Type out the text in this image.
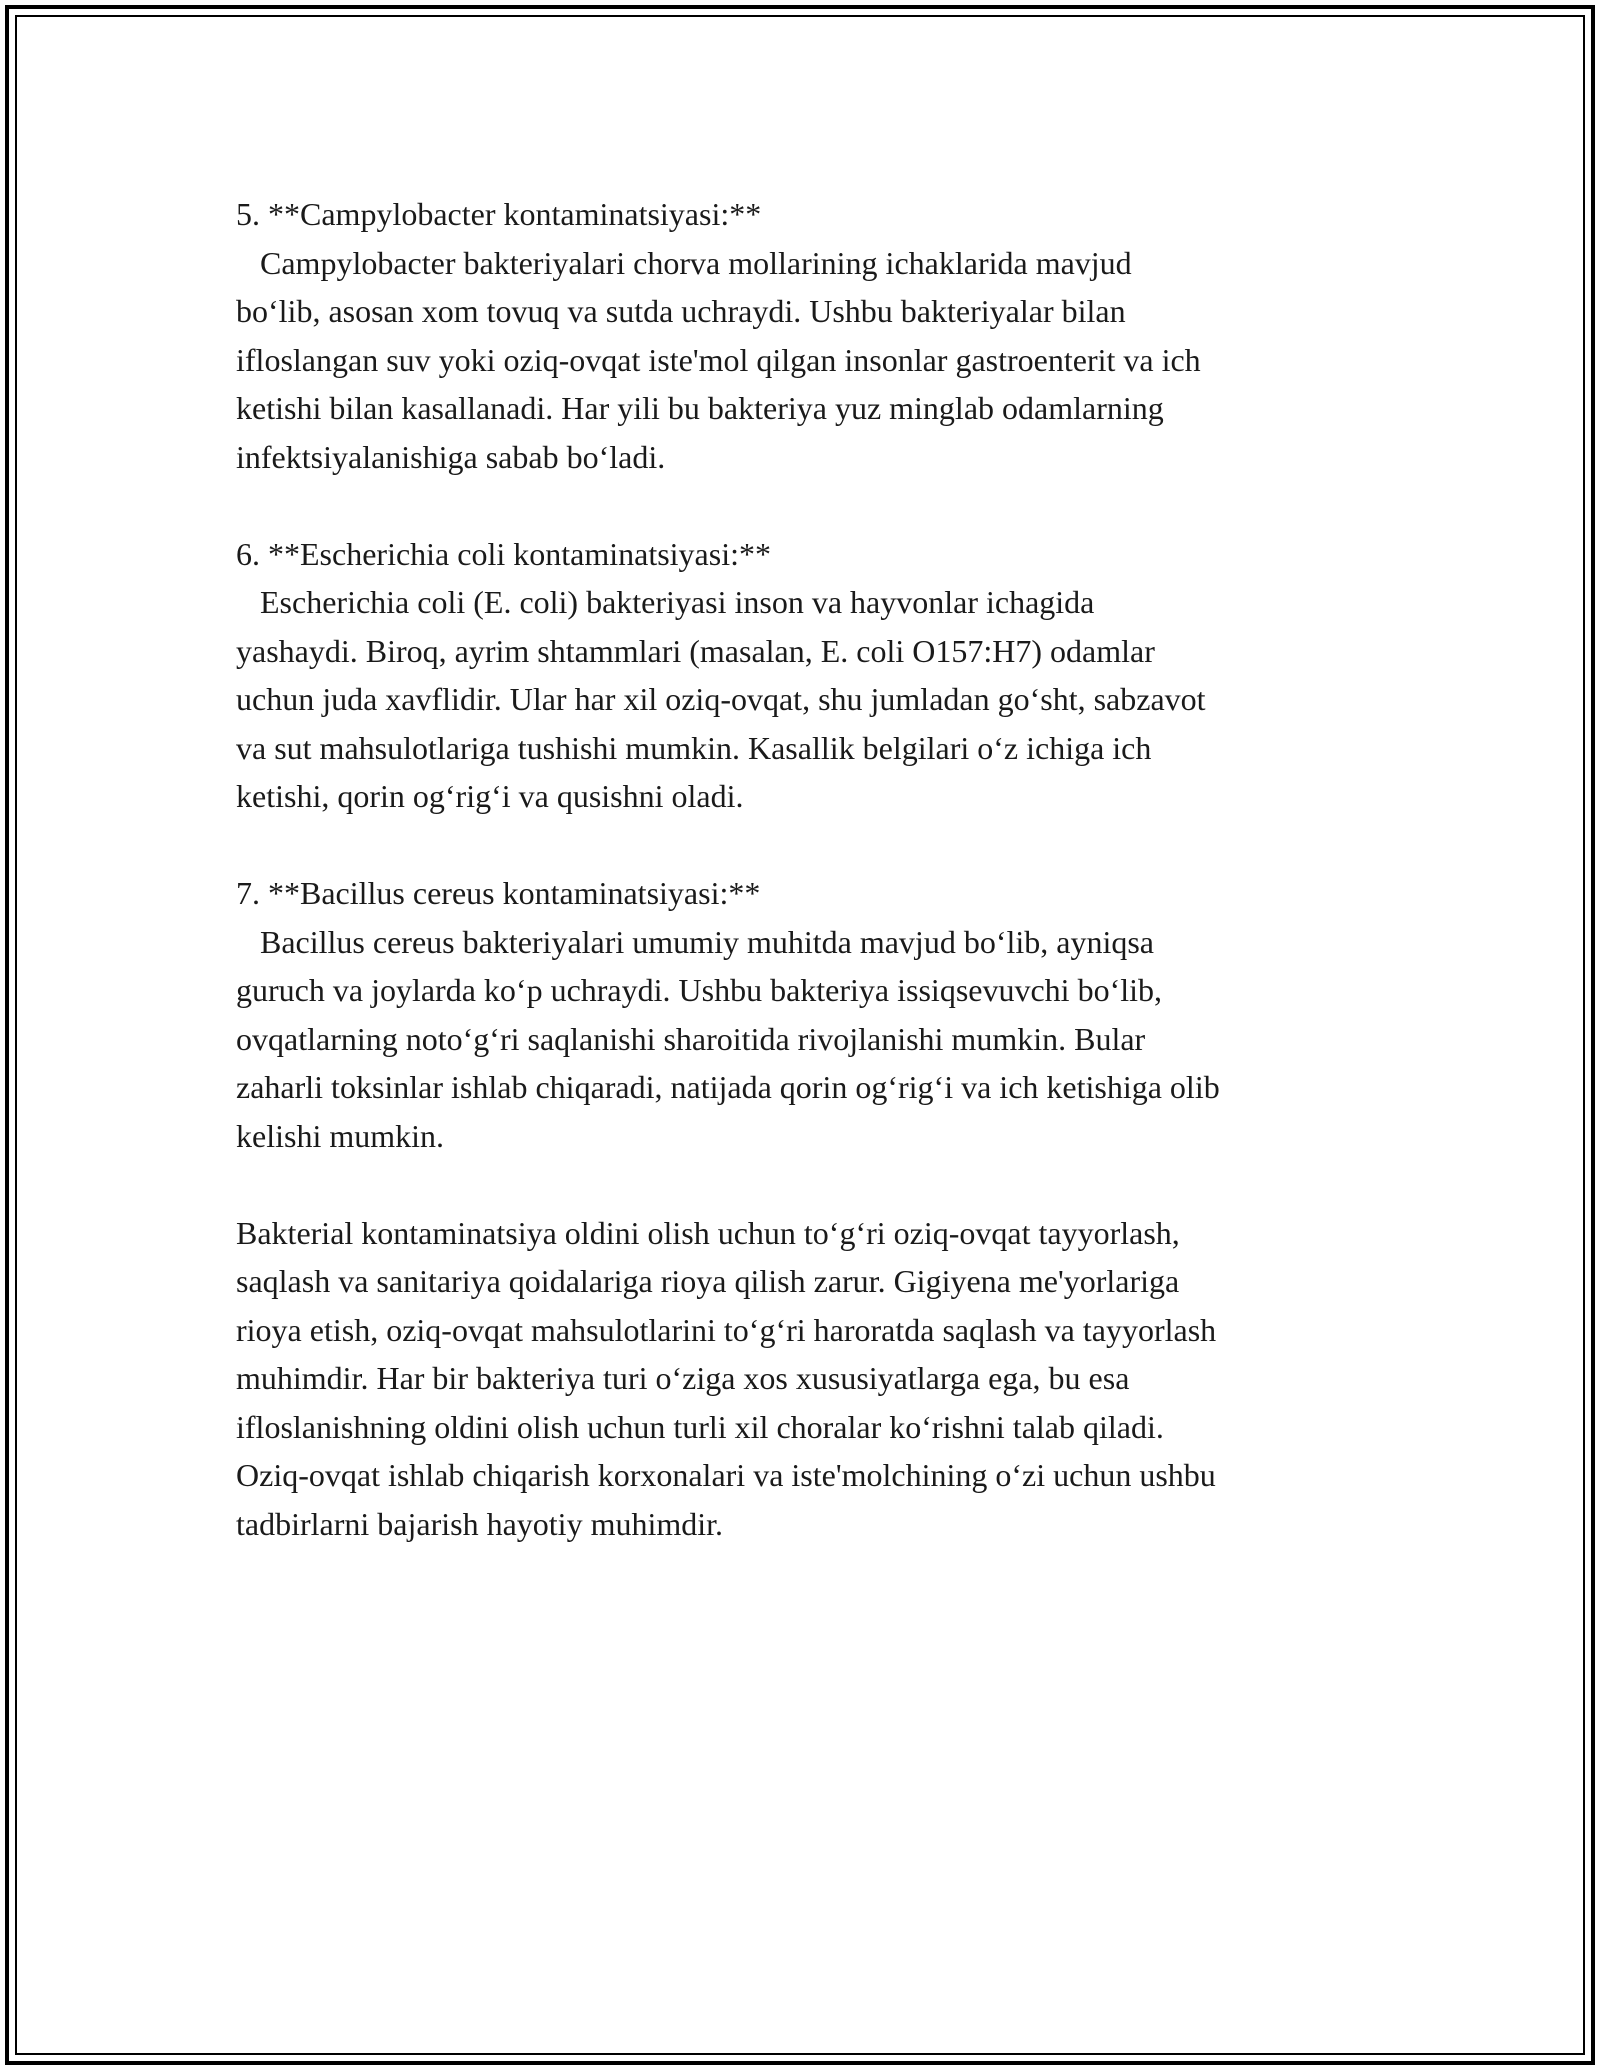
5. **Campylobacter kontaminatsiyasi:**
Campylobacter bakteriyalari chorva mollarining ichaklarida mavjud
bo‘lib, asosan xom tovuq va sutda uchraydi. Ushbu bakteriyalar bilan
ifloslangan suv yoki oziq-ovqat iste'mol qilgan insonlar gastroenterit va ich
ketishi bilan kasallanadi. Har yili bu bakteriya yuz minglab odamlarning
infektsiyalanishiga sabab bo‘ladi.
6. **Escherichia coli kontaminatsiyasi:**
Escherichia coli (E. coli) bakteriyasi inson va hayvonlar ichagida
yashaydi. Biroq, ayrim shtammlari (masalan, E. coli O157:H7) odamlar
uchun juda xavflidir. Ular har xil oziq-ovqat, shu jumladan go‘sht, sabzavot
va sut mahsulotlariga tushishi mumkin. Kasallik belgilari o‘z ichiga ich
ketishi, qorin og‘rig‘i va qusishni oladi.
7. **Bacillus cereus kontaminatsiyasi:**
Bacillus cereus bakteriyalari umumiy muhitda mavjud bo‘lib, ayniqsa
guruch va joylarda ko‘p uchraydi. Ushbu bakteriya issiqsevuvchi bo‘lib,
ovqatlarning noto‘g‘ri saqlanishi sharoitida rivojlanishi mumkin. Bular
zaharli toksinlar ishlab chiqaradi, natijada qorin og‘rig‘i va ich ketishiga olib
kelishi mumkin.
Bakterial kontaminatsiya oldini olish uchun to‘g‘ri oziq-ovqat tayyorlash,
saqlash va sanitariya qoidalariga rioya qilish zarur. Gigiyena me'yorlariga
rioya etish, oziq-ovqat mahsulotlarini to‘g‘ri haroratda saqlash va tayyorlash
muhimdir. Har bir bakteriya turi o‘ziga xos xususiyatlarga ega, bu esa
ifloslanishning oldini olish uchun turli xil choralar ko‘rishni talab qiladi.
Oziq-ovqat ishlab chiqarish korxonalari va iste'molchining o‘zi uchun ushbu
tadbirlarni bajarish hayotiy muhimdir.
